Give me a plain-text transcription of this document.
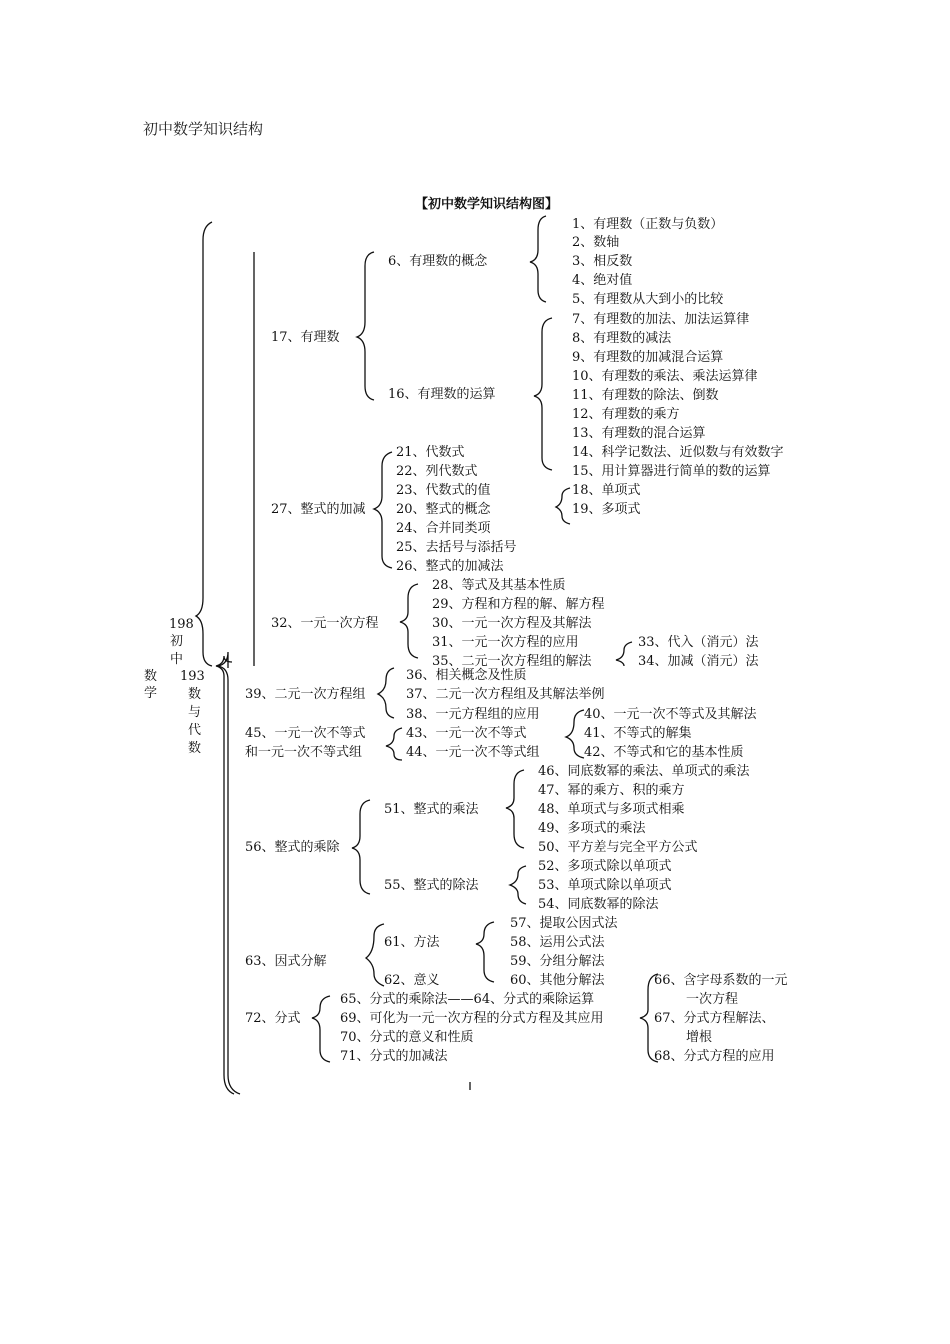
初中数学知识结构
【初中数学知识结构图】
数
学
198
初
中
193
数
与
代
数
1、有理数（正数与负数）
2、数轴
3、相反数
4、绝对值
5、有理数从大到小的比较
6、有理数的概念
7、有理数的加法、加法运算律
8、有理数的减法
9、有理数的加减混合运算
10、有理数的乘法、乘法运算律
11、有理数的除法、倒数
12、有理数的乘方
13、有理数的混合运算
14、科学记数法、近似数与有效数字
15、用计算器进行简单的数的运算
16、有理数的运算
17、有理数
18、单项式
19、多项式
20、整式的概念
21、代数式
22、列代数式
23、代数式的值
24、合并同类项
25、去括号与添括号
26、整式的加减法
27、整式的加减
28、等式及其基本性质
29、方程和方程的解、解方程
30、一元一次方程及其解法
31、一元一次方程的应用
32、一元一次方程
33、代入（消元）法
34、加减（消元）法
35、二元一次方程组的解法
36、相关概念及性质
37、二元一次方程组及其解法举例
38、一元方程组的应用
39、二元一次方程组
40、一元一次不等式及其解法
41、不等式的解集
42、不等式和它的基本性质
43、一元一次不等式
44、一元一次不等式组
45、一元一次不等式
和一元一次不等式组
46、同底数幂的乘法、单项式的乘法
47、幂的乘方、积的乘方
48、单项式与多项式相乘
49、多项式的乘法
50、平方差与完全平方公式
51、整式的乘法
52、多项式除以单项式
53、单项式除以单项式
54、同底数幂的除法
55、整式的除法
56、整式的乘除
57、提取公因式法
58、运用公式法
59、分组分解法
60、其他分解法
61、方法
62、意义
63、因式分解
65、分式的乘除法——64、分式的乘除运算
66、含字母系数的一元
一次方程
67、分式方程解法、
增根
68、分式方程的应用
69、可化为一元一次方程的分式方程及其应用
70、分式的意义和性质
71、分式的加减法
72、分式
